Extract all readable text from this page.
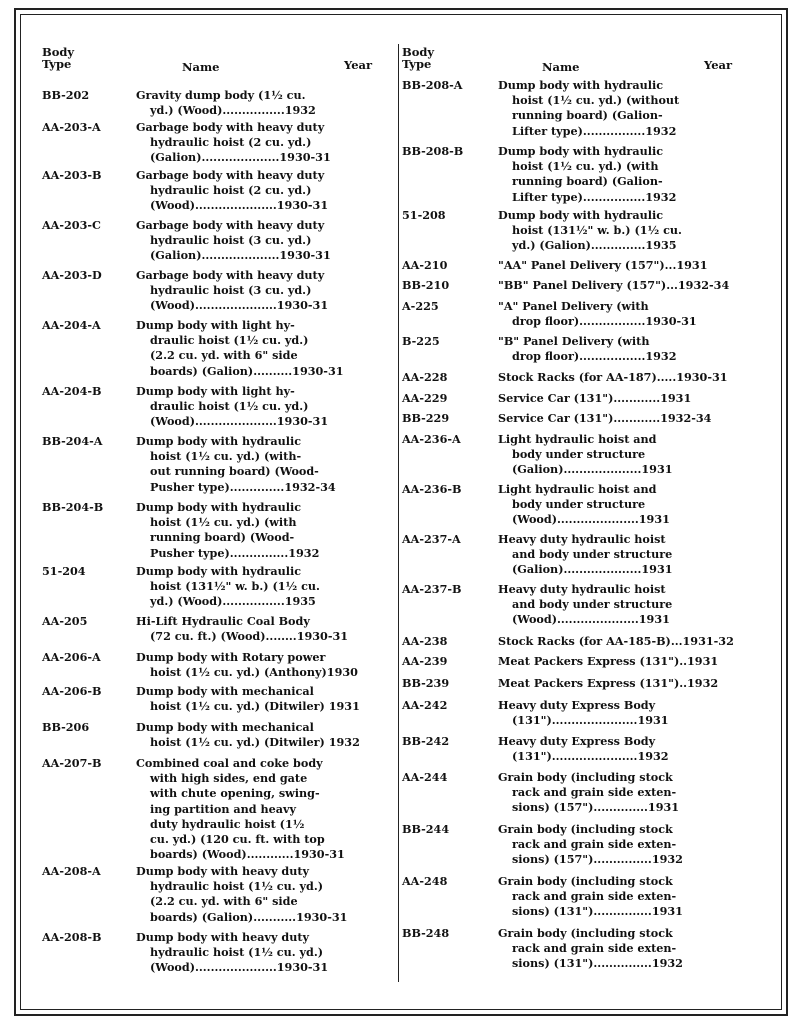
Body Type	Name	Year
BB-202	Gravity dump body (1½ cu.
yd.) (Wood)................1932
AA-203-A	Garbage body with heavy duty
hydraulic hoist (2 cu. yd.)
(Galion)....................1930-31
AA-203-B	Garbage body with heavy duty
hydraulic hoist (2 cu. yd.)
(Wood).....................1930-31
AA-203-C	Garbage body with heavy duty
hydraulic hoist (3 cu. yd.)
(Galion)....................1930-31
AA-203-D	Garbage body with heavy duty
hydraulic hoist (3 cu. yd.)
(Wood).....................1930-31
AA-204-A	Dump body with light hy-
draulic hoist (1½ cu. yd.)
(2.2 cu. yd. with 6" side
boards) (Galion)..........1930-31
AA-204-B	Dump body with light hy-
draulic hoist (1½ cu. yd.)
(Wood).....................1930-31
BB-204-A	Dump body with hydraulic
hoist (1½ cu. yd.) (with-
out running board) (Wood-
Pusher type)..............1932-34
BB-204-B	Dump body with hydraulic
hoist (1½ cu. yd.) (with
running board) (Wood-
Pusher type)...............1932
51-204	Dump body with hydraulic
hoist (131½" w. b.) (1½ cu.
yd.) (Wood)................1935
AA-205	Hi-Lift Hydraulic Coal Body
(72 cu. ft.) (Wood)........1930-31
AA-206-A	Dump body with Rotary power
hoist (1½ cu. yd.) (Anthony)1930
AA-206-B	Dump body with mechanical
hoist (1½ cu. yd.) (Ditwiler) 1931
BB-206	Dump body with mechanical
hoist (1½ cu. yd.) (Ditwiler) 1932
AA-207-B	Combined coal and coke body
with high sides, end gate
with chute opening, swing-
ing partition and heavy
duty hydraulic hoist (1½
cu. yd.) (120 cu. ft. with top
boards) (Wood)............1930-31
AA-208-A	Dump body with heavy duty
hydraulic hoist (1½ cu. yd.)
(2.2 cu. yd. with 6" side
boards) (Galion)...........1930-31
AA-208-B	Dump body with heavy duty
hydraulic hoist (1½ cu. yd.)
(Wood).....................1930-31
Body Type	Name	Year
BB-208-A	Dump body with hydraulic
hoist (1½ cu. yd.) (without
running board) (Galion-
Lifter type)................1932
BB-208-B	Dump body with hydraulic
hoist (1½ cu. yd.) (with
running board) (Galion-
Lifter type)................1932
51-208	Dump body with hydraulic
hoist (131½" w. b.) (1½ cu.
yd.) (Galion)..............1935
AA-210	"AA" Panel Delivery (157")...1931
BB-210	"BB" Panel Delivery (157")...1932-34
A-225	"A" Panel Delivery (with
drop floor).................1930-31
B-225	"B" Panel Delivery (with
drop floor).................1932
AA-228	Stock Racks (for AA-187).....1930-31
AA-229	Service Car (131")............1931
BB-229	Service Car (131")............1932-34
AA-236-A	Light hydraulic hoist and
body under structure
(Galion)....................1931
AA-236-B	Light hydraulic hoist and
body under structure
(Wood).....................1931
AA-237-A	Heavy duty hydraulic hoist
and body under structure
(Galion)....................1931
AA-237-B	Heavy duty hydraulic hoist
and body under structure
(Wood).....................1931
AA-238	Stock Racks (for AA-185-B)...1931-32
AA-239	Meat Packers Express (131")..1931
BB-239	Meat Packers Express (131")..1932
AA-242	Heavy duty Express Body
(131")......................1931
BB-242	Heavy duty Express Body
(131")......................1932
AA-244	Grain body (including stock
rack and grain side exten-
sions) (157")..............1931
BB-244	Grain body (including stock
rack and grain side exten-
sions) (157")...............1932
AA-248	Grain body (including stock
rack and grain side exten-
sions) (131")...............1931
BB-248	Grain body (including stock
rack and grain side exten-
sions) (131")...............1932
